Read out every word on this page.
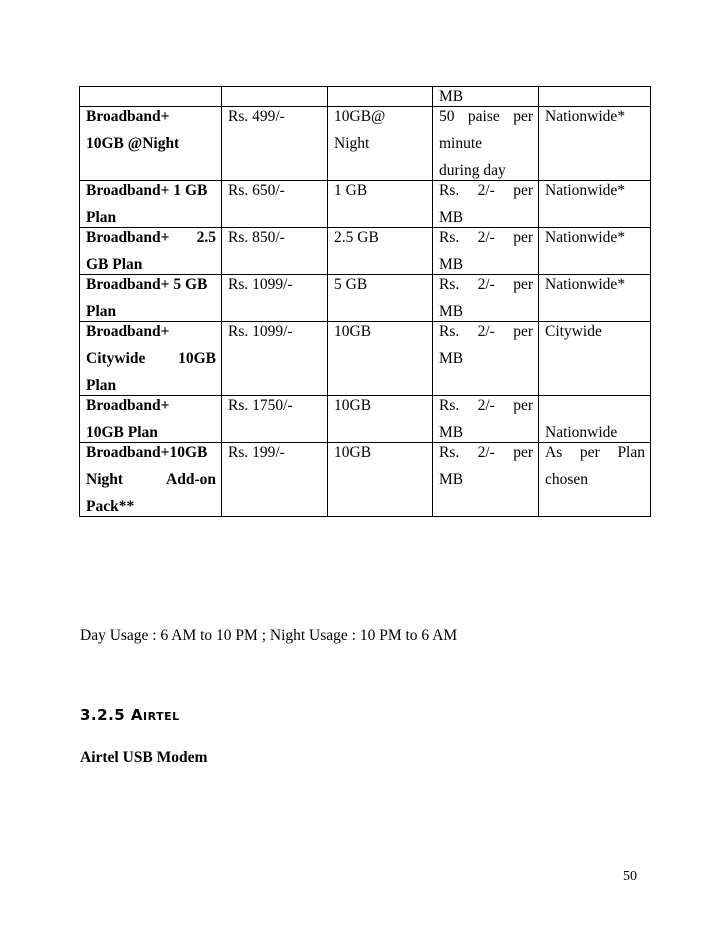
			MB	

Broadband+
10GB @Night	Rs. 499/-	10GB@
Night	50 paise per
minute
during day	Nationwide*

Broadband+ 1 GB
Plan	Rs. 650/-	1 GB	Rs. 2/- per
MB	Nationwide*

Broadband+ 2.5
GB Plan	Rs. 850/-	2.5 GB	Rs. 2/- per
MB	Nationwide*

Broadband+ 5 GB
Plan	Rs. 1099/-	5 GB	Rs. 2/- per
MB	Nationwide*

Broadband+
Citywide 10GB
Plan	Rs. 1099/-	10GB	Rs. 2/- per
MB	Citywide

Broadband+
10GB Plan	Rs. 1750/-	10GB	Rs. 2/- per
MB	Nationwide

Broadband+10GB
Night Add-on
Pack**	Rs. 199/-	10GB	Rs. 2/- per
MB	As per Plan
chosen
Day Usage : 6 AM to 10 PM ; Night Usage : 10 PM to 6 AM
3.2.5 Airtel
Airtel USB Modem
50
